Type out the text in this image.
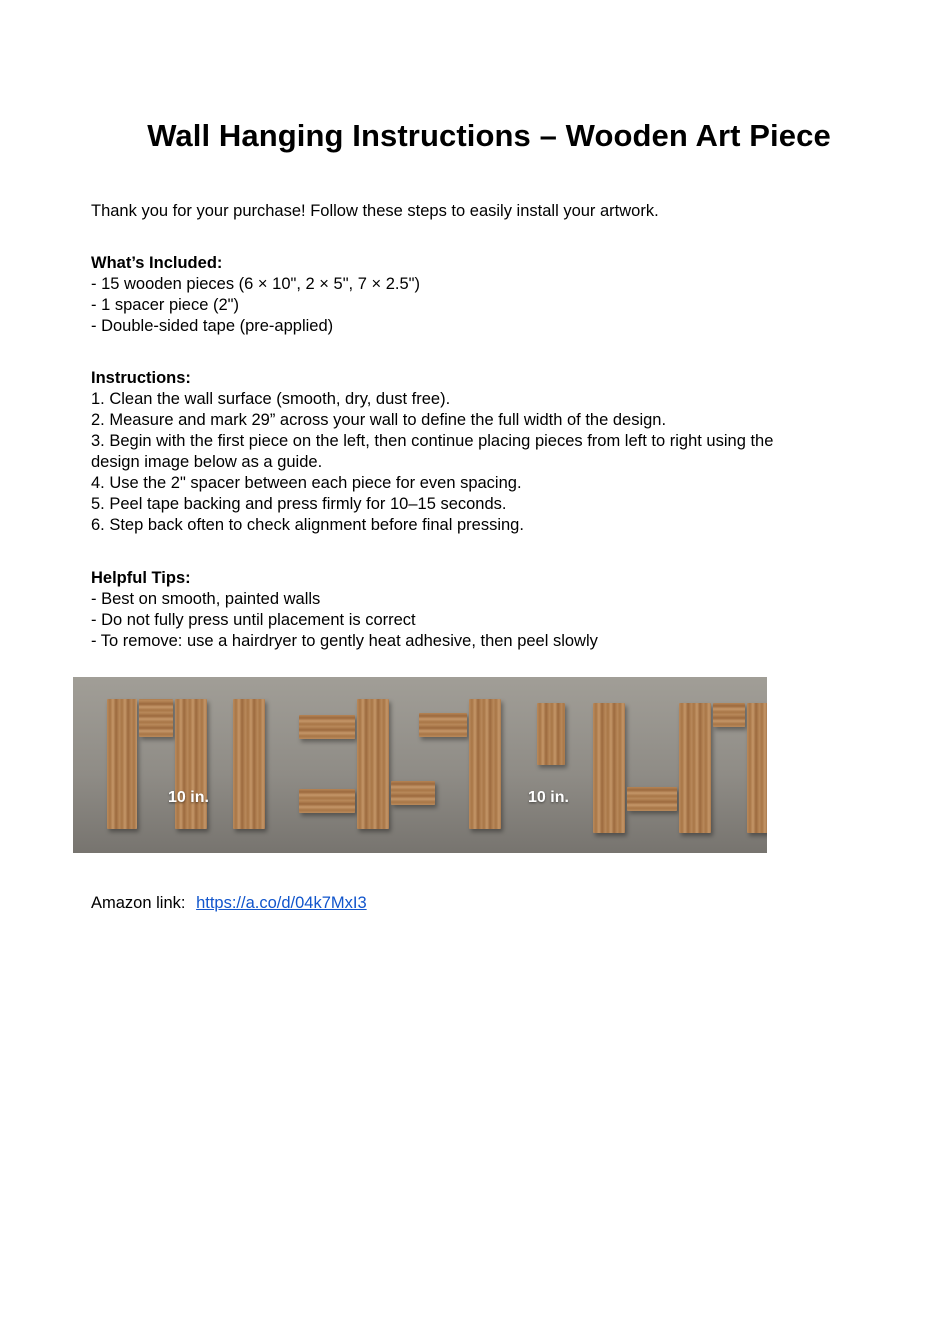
Wall Hanging Instructions – Wooden Art Piece

Thank you for your purchase! Follow these steps to easily install your artwork.

What’s Included:
- 15 wooden pieces (6 × 10", 2 × 5", 7 × 2.5")
- 1 spacer piece (2")
- Double-sided tape (pre-applied)
Instructions:
1. Clean the wall surface (smooth, dry, dust free).
2. Measure and mark 29” across your wall to define the full width of the design.
3. Begin with the first piece on the left, then continue placing pieces from left to right using the design image below as a guide.
4. Use the 2" spacer between each piece for even spacing.
5. Peel tape backing and press firmly for 10–15 seconds.
6. Step back often to check alignment before final pressing.
Helpful Tips:
- Best on smooth, painted walls
- Do not fully press until placement is correct
- To remove: use a hairdryer to gently heat adhesive, then peel slowly
10 in.	10 in.

Amazon link: https://a.co/d/04k7MxI3
